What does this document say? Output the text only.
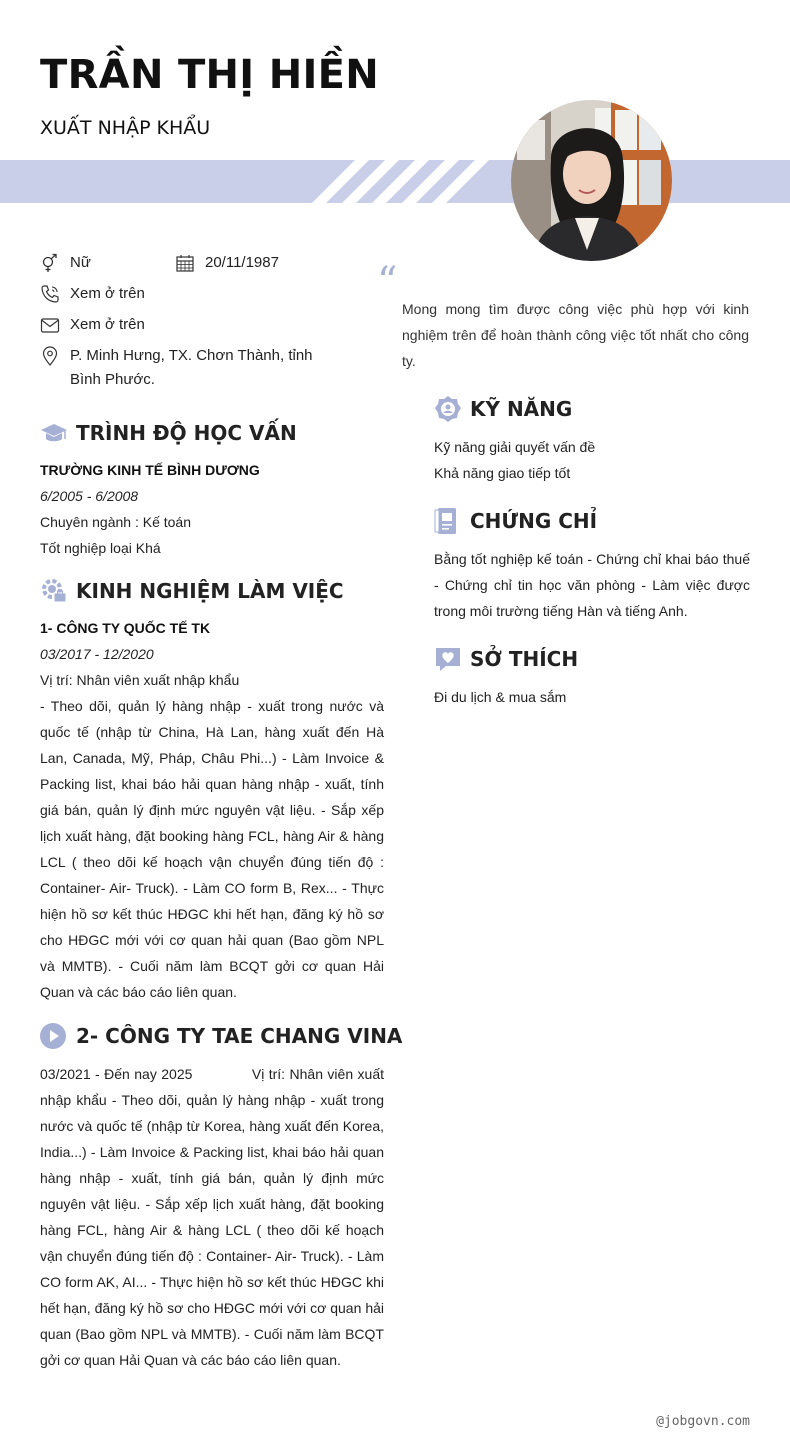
TRẦN THỊ HIỀN
XUẤT NHẬP KHẨU
Nữ	20/11/1987
Xem ở trên
Xem ở trên
P. Minh Hưng, TX. Chơn Thành, tỉnh Bình Phước.
“
Mong mong tìm được công việc phù hợp với kinh nghiệm trên để hoàn thành công việc tốt nhất cho công ty.
TRÌNH ĐỘ HỌC VẤN
TRƯỜNG KINH TẾ BÌNH DƯƠNG
6/2005 - 6/2008
Chuyên ngành : Kế toán
Tốt nghiệp loại Khá
KINH NGHIỆM LÀM VIỆC
1- CÔNG TY QUỐC TẾ TK
03/2017 - 12/2020
Vị trí: Nhân viên xuất nhập khẩu
- Theo dõi, quản lý hàng nhập - xuất trong nước và quốc tế (nhập từ China, Hà Lan, hàng xuất đến Hà Lan, Canada, Mỹ, Pháp, Châu Phi...) - Làm Invoice & Packing list, khai báo hải quan hàng nhập - xuất, tính giá bán, quản lý định mức nguyên vật liệu. - Sắp xếp lịch xuất hàng, đặt booking hàng FCL, hàng Air & hàng LCL ( theo dõi kế hoạch vận chuyển đúng tiến độ : Container- Air- Truck). - Làm CO form B, Rex... - Thực hiện hồ sơ kết thúc HĐGC khi hết hạn, đăng ký hồ sơ cho HĐGC mới với cơ quan hải quan (Bao gồm NPL và MMTB). - Cuối năm làm BCQT gởi cơ quan Hải Quan và các báo cáo liên quan.
2- CÔNG TY TAE CHANG VINA
03/2021 - Đến nay 2025	Vị trí: Nhân viên xuất nhập khẩu - Theo dõi, quản lý hàng nhập - xuất trong nước và quốc tế (nhập từ Korea, hàng xuất đến Korea, India...) - Làm Invoice & Packing list, khai báo hải quan hàng nhập - xuất, tính giá bán, quản lý định mức nguyên vật liệu. - Sắp xếp lịch xuất hàng, đặt booking hàng FCL, hàng Air & hàng LCL ( theo dõi kế hoạch vận chuyển đúng tiến độ : Container- Air- Truck). - Làm CO form AK, AI... - Thực hiện hồ sơ kết thúc HĐGC khi hết hạn, đăng ký hồ sơ cho HĐGC mới với cơ quan hải quan (Bao gồm NPL và MMTB). - Cuối năm làm BCQT gởi cơ quan Hải Quan và các báo cáo liên quan.
KỸ NĂNG
Kỹ năng giải quyết vấn đề
Khả năng giao tiếp tốt
CHỨNG CHỈ
Bằng tốt nghiệp kế toán - Chứng chỉ khai báo thuế - Chứng chỉ tin học văn phòng - Làm việc được trong môi trường tiếng Hàn và tiếng Anh.
SỞ THÍCH
Đi du lịch & mua sắm
@jobgovn.com
